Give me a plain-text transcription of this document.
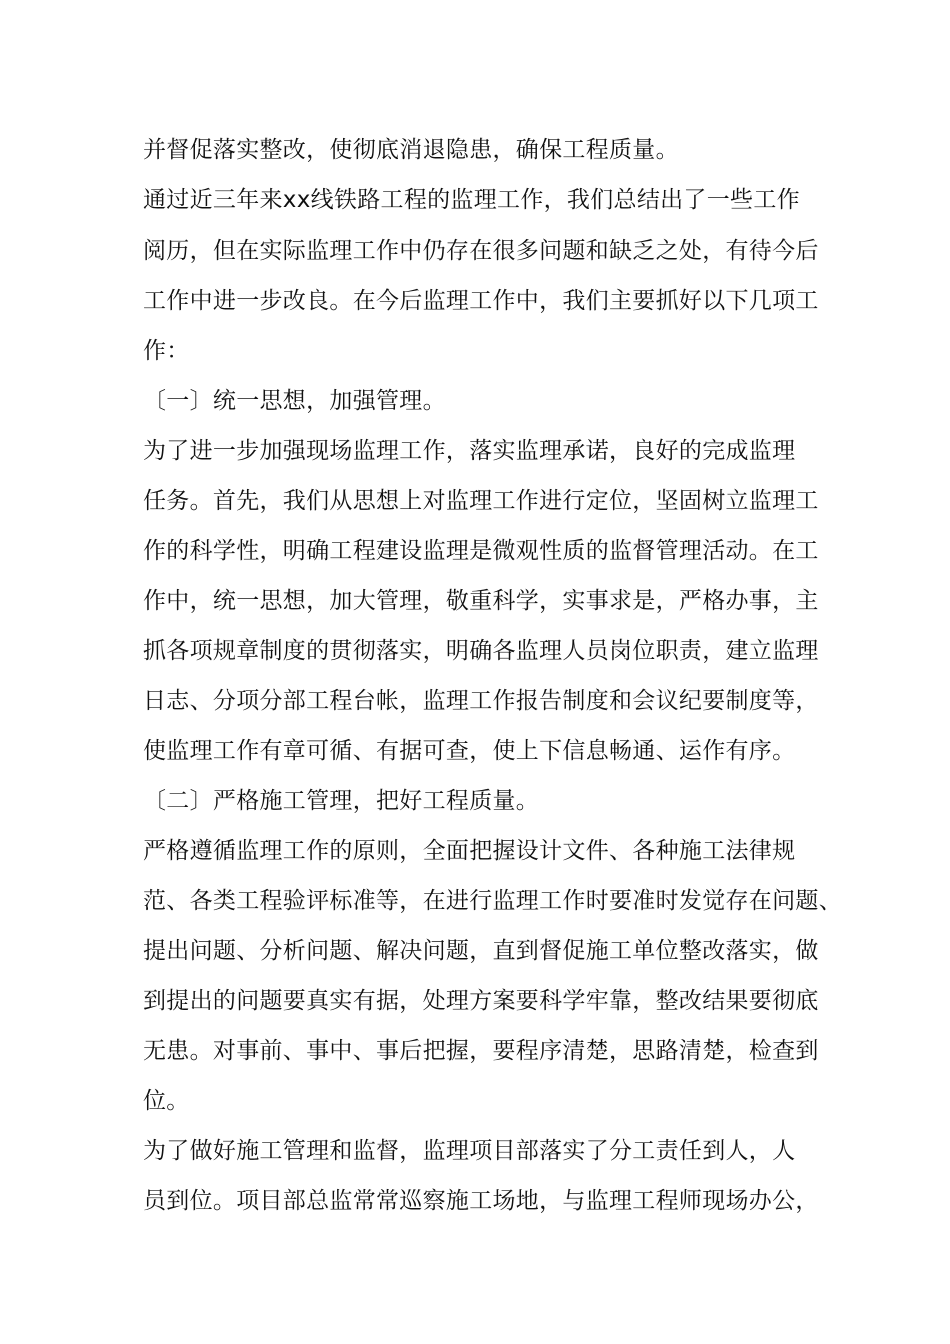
并督促落实整改，使彻底消退隐患，确保工程质量。
通过近三年来xx线铁路工程的监理工作，我们总结出了一些工作
阅历，但在实际监理工作中仍存在很多问题和缺乏之处，有待今后
工作中进一步改良。在今后监理工作中，我们主要抓好以下几项工
作：
〔一〕统一思想，加强管理。
为了进一步加强现场监理工作，落实监理承诺，良好的完成监理
任务。首先，我们从思想上对监理工作进行定位，坚固树立监理工
作的科学性，明确工程建设监理是微观性质的监督管理活动。在工
作中，统一思想，加大管理，敬重科学，实事求是，严格办事，主
抓各项规章制度的贯彻落实，明确各监理人员岗位职责，建立监理
日志、分项分部工程台帐，监理工作报告制度和会议纪要制度等，
使监理工作有章可循、有据可查，使上下信息畅通、运作有序。
〔二〕严格施工管理，把好工程质量。
严格遵循监理工作的原则，全面把握设计文件、各种施工法律规
范、各类工程验评标准等，在进行监理工作时要准时发觉存在问题、
提出问题、分析问题、解决问题，直到督促施工单位整改落实，做
到提出的问题要真实有据，处理方案要科学牢靠，整改结果要彻底
无患。对事前、事中、事后把握，要程序清楚，思路清楚，检查到
位。
为了做好施工管理和监督，监理项目部落实了分工责任到人，人
员到位。项目部总监常常巡察施工场地，与监理工程师现场办公，
